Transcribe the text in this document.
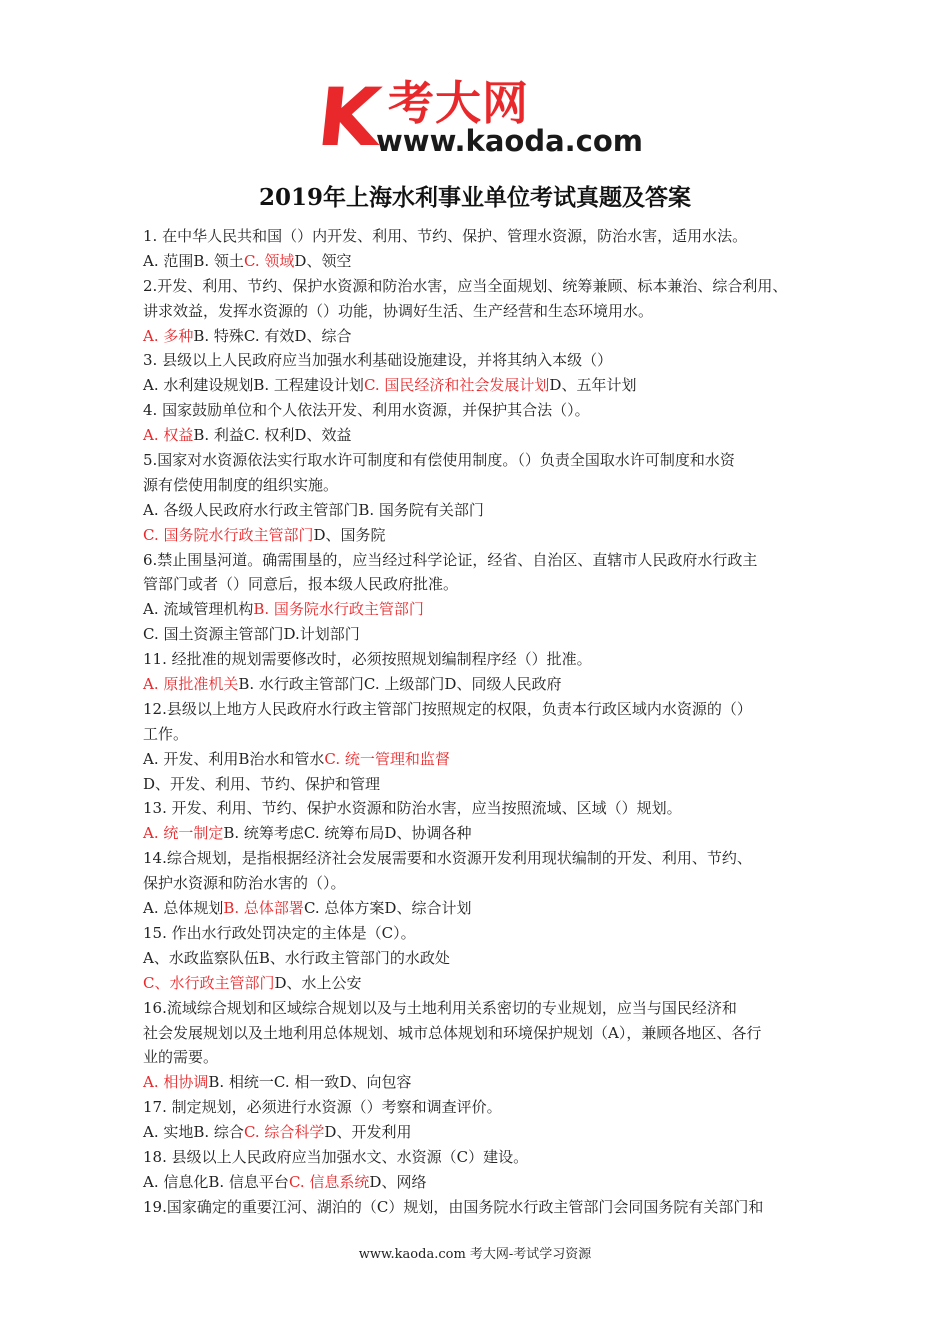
K 考大网
www.kaoda.com
2019年上海水利事业单位考试真题及答案
1. 在中华人民共和国（）内开发、利用、节约、保护、管理水资源，防治水害，适用水法。
A. 范围B. 领土C. 领域D、领空
2.开发、利用、节约、保护水资源和防治水害，应当全面规划、统筹兼顾、标本兼治、综合利用、
讲求效益，发挥水资源的（）功能，协调好生活、生产经营和生态环境用水。
A. 多种B. 特殊C. 有效D、综合
3. 县级以上人民政府应当加强水利基础设施建设，并将其纳入本级（）
A. 水利建设规划B. 工程建设计划C. 国民经济和社会发展计划D、五年计划
4. 国家鼓励单位和个人依法开发、利用水资源，并保护其合法（）。
A. 权益B. 利益C. 权利D、效益
5.国家对水资源依法实行取水许可制度和有偿使用制度。（）负责全国取水许可制度和水资
源有偿使用制度的组织实施。
A. 各级人民政府水行政主管部门B. 国务院有关部门
C. 国务院水行政主管部门D、国务院
6.禁止围垦河道。确需围垦的，应当经过科学论证，经省、自治区、直辖市人民政府水行政主
管部门或者（）同意后，报本级人民政府批准。
A. 流域管理机构B. 国务院水行政主管部门
C. 国土资源主管部门D.计划部门
11. 经批准的规划需要修改时，必须按照规划编制程序经（）批准。
A. 原批准机关B. 水行政主管部门C. 上级部门D、同级人民政府
12.县级以上地方人民政府水行政主管部门按照规定的权限，负责本行政区域内水资源的（）
工作。
A. 开发、利用B治水和管水C. 统一管理和监督
D、开发、利用、节约、保护和管理
13. 开发、利用、节约、保护水资源和防治水害，应当按照流域、区域（）规划。
A. 统一制定B. 统筹考虑C. 统筹布局D、协调各种
14.综合规划，是指根据经济社会发展需要和水资源开发利用现状编制的开发、利用、节约、
保护水资源和防治水害的（）。
A. 总体规划B. 总体部署C. 总体方案D、综合计划
15. 作出水行政处罚决定的主体是（C）。
A、水政监察队伍B、水行政主管部门的水政处
C、水行政主管部门D、水上公安
16.流域综合规划和区域综合规划以及与土地利用关系密切的专业规划，应当与国民经济和
社会发展规划以及土地利用总体规划、城市总体规划和环境保护规划（A），兼顾各地区、各行
业的需要。
A. 相协调B. 相统一C. 相一致D、向包容
17. 制定规划，必须进行水资源（）考察和调查评价。
A. 实地B. 综合C. 综合科学D、开发利用
18. 县级以上人民政府应当加强水文、水资源（C）建设。
A. 信息化B. 信息平台C. 信息系统D、网络
19.国家确定的重要江河、湖泊的（C）规划，由国务院水行政主管部门会同国务院有关部门和
www.kaoda.com 考大网-考试学习资源
